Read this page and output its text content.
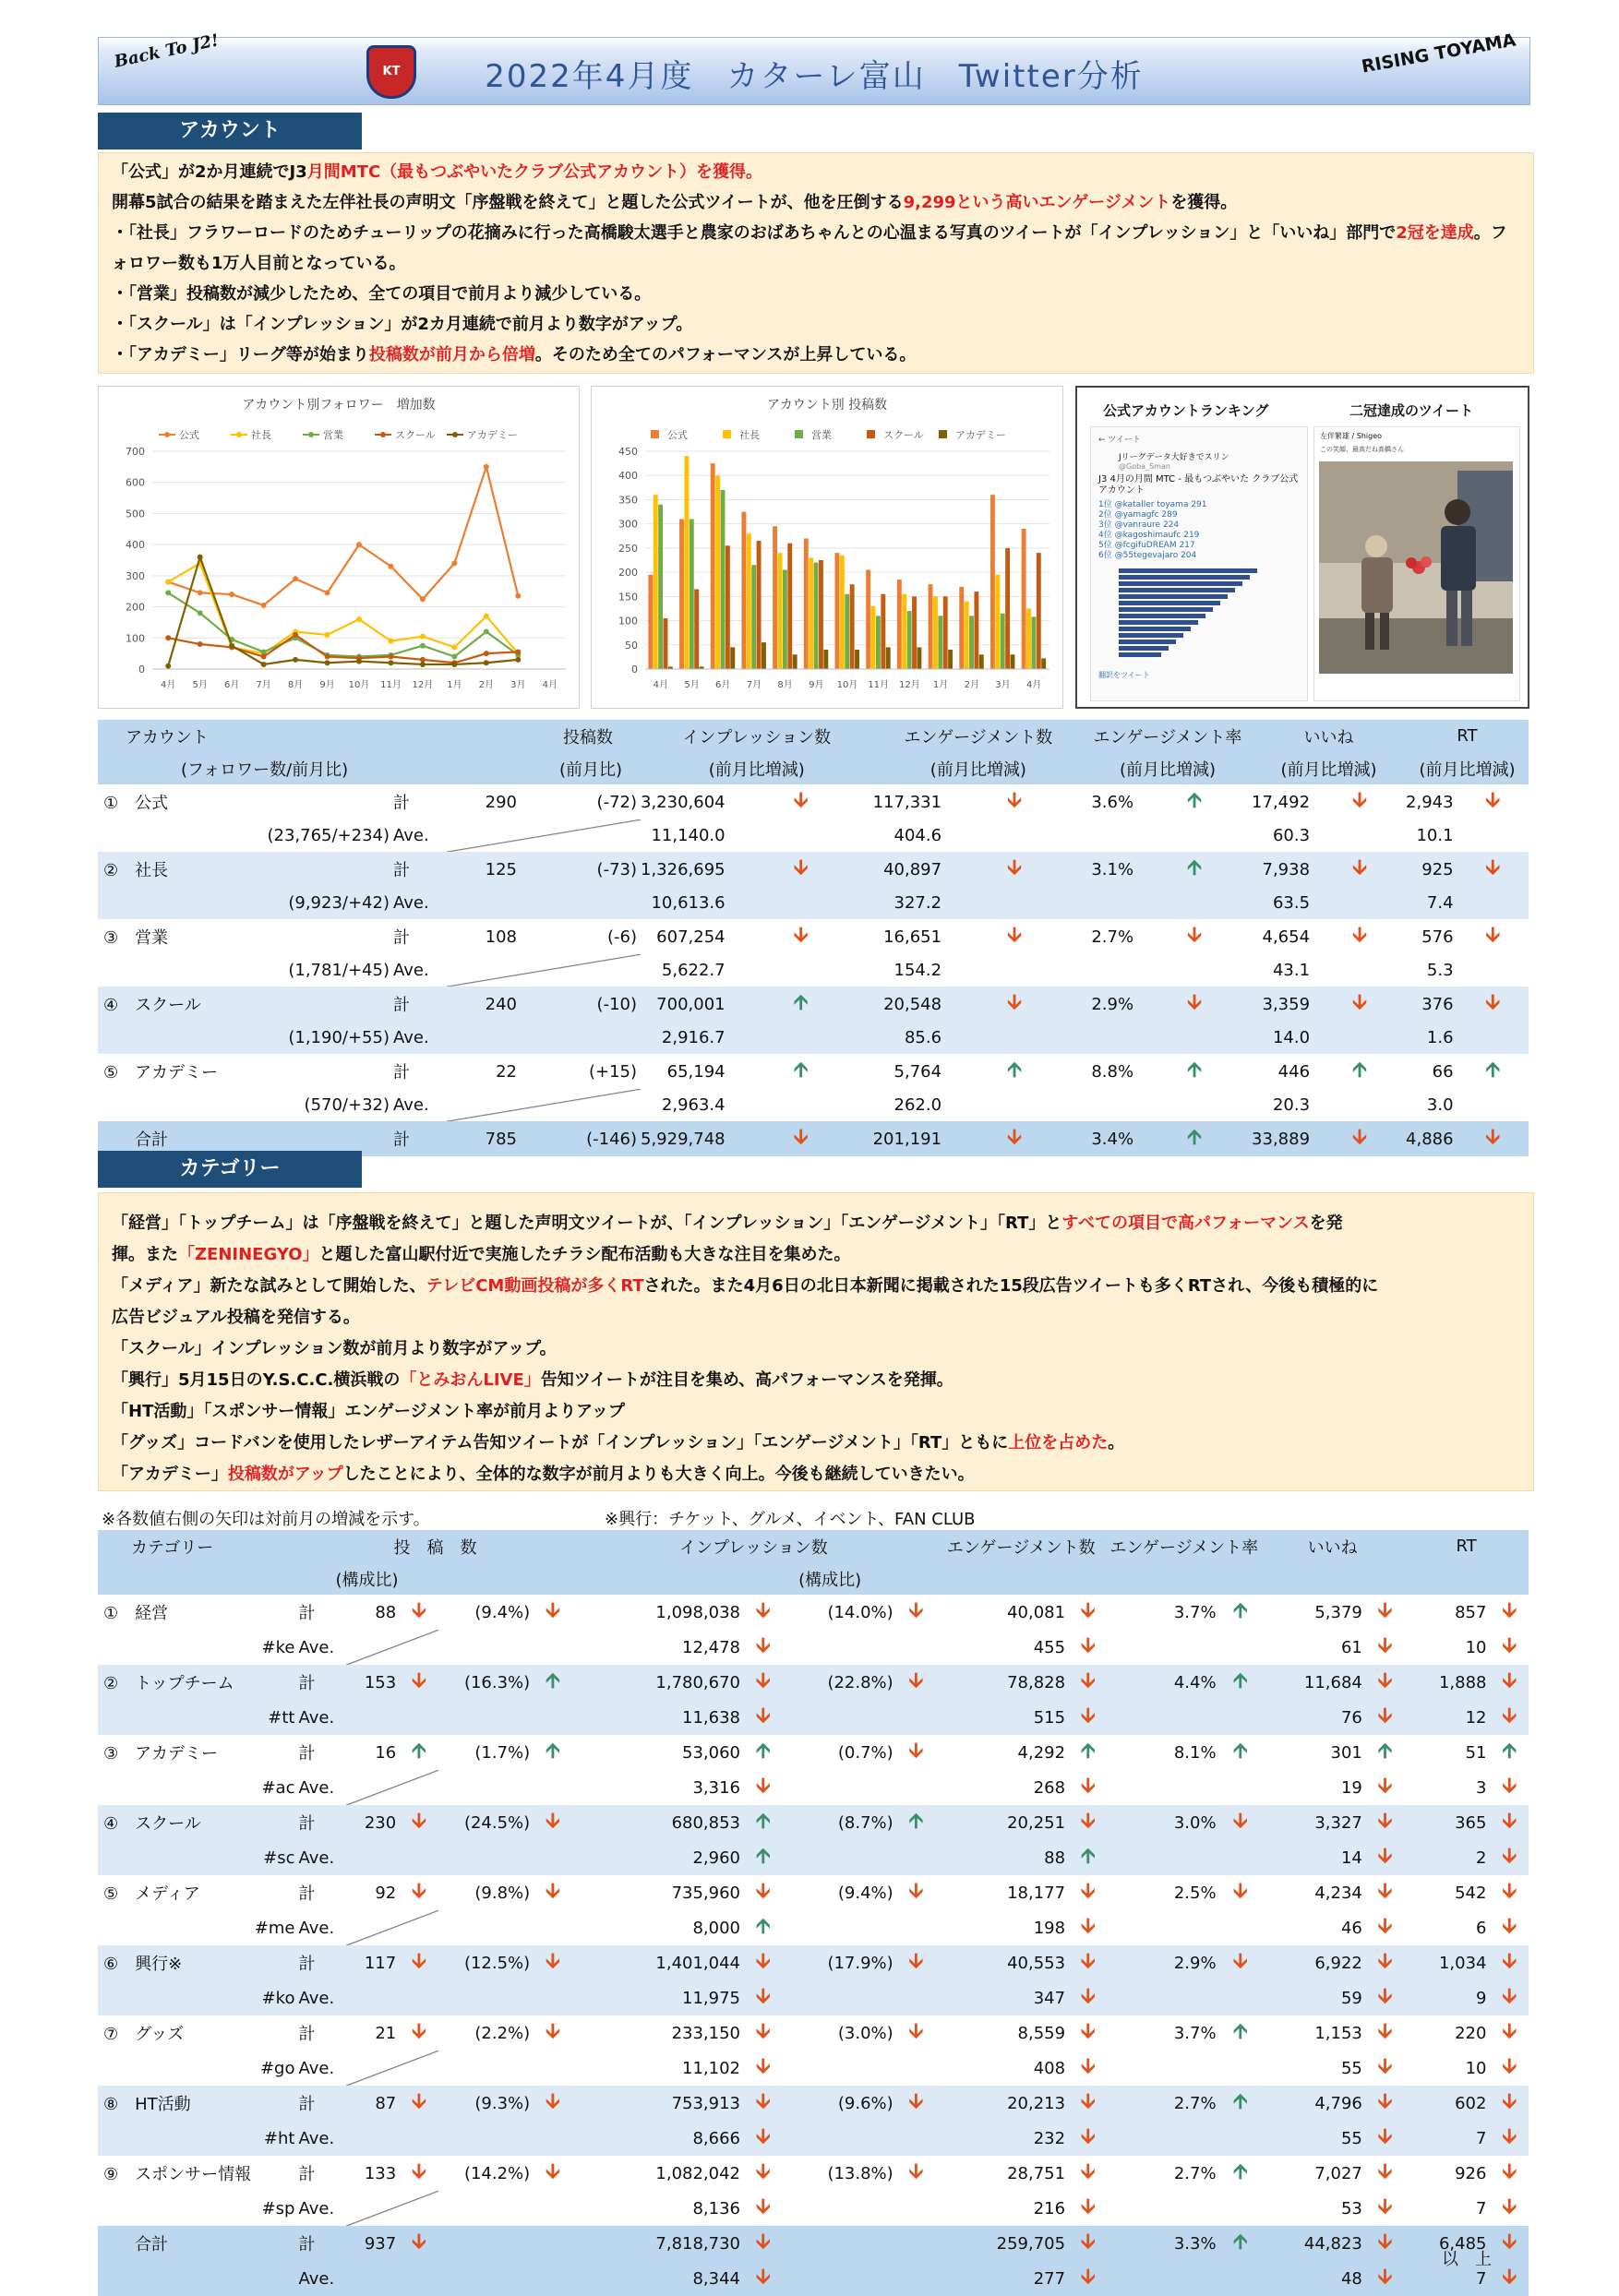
Back To J2!	KT	2022年4月度　カターレ富山　Twitter分析	RISING TOYAMA
アカウント

「公式」が2か月連続でJ3月間MTC（最もつぶやいたクラブ公式アカウント）を獲得。

開幕5試合の結果を踏まえた左伴社長の声明文「序盤戦を終えて」と題した公式ツイートが、他を圧倒する9,299という高いエンゲージメントを獲得。

・「社長」フラワーロードのためチューリップの花摘みに行った高橋駿太選手と農家のおばあちゃんとの心温まる写真のツイートが「インプレッション」と「いいね」部門で2冠を達成。フォロワー数も1万人目前となっている。

・「営業」投稿数が減少したため、全ての項目で前月より減少している。

・「スクール」は「インプレッション」が2カ月連続で前月より数字がアップ。

・「アカデミー」リーグ等が始まり投稿数が前月から倍増。そのため全てのパフォーマンスが上昇している。

アカウント別フォロワー　増加数
公式	社長	営業	スクール	アカデミー
0
100
200
300
400
500
600
700
4月 5月 6月 7月 8月 9月 10月 11月 12月 1月 2月 3月 4月
アカウント別 投稿数
公式	社長	営業	スクール	アカデミー
0
50
100
150
200
250
300
350
400
450
4月 5月 6月 7月 8月 9月 10月 11月 12月 1月 2月 3月 4月
公式アカウントランキング	二冠達成のツイート
← ツイート
Jリーグデータ大好きでスリン
@Goba_Sman
J3 4月の月間 MTC - 最もつぶやいた クラブ公式アカウント
1位 @kataller toyama 291
2位 @yamagfc 289
3位 @vanraure 224
4位 @kagoshimaufc 219
5位 @fcgifuDREAM 217
6位 @55tegevajaro 204
翻訳をツイート
左伴繁雄 / Shigeo
この笑顔、最高だね高橋さん
アカウント	投稿数			インプレッション数		エンゲージメント数		エンゲージメント率		いいね		RT	
(フォロワー数/前月比)	(前月比)			(前月比増減)		(前月比増減)		(前月比増減)		(前月比増減)		(前月比増減)	
①　公式	計	290	(-72)	3,230,604	🡫	117,331	🡫	3.6%	🡩	17,492	🡫	2,943	🡫
(23,765/+234)	Ave.			11,140.0		404.6				60.3		10.1	
②　社長	計	125	(-73)	1,326,695	🡫	40,897	🡫	3.1%	🡩	7,938	🡫	925	🡫
(9,923/+42)	Ave.			10,613.6		327.2				63.5		7.4	
③　営業	計	108	(-6)	607,254	🡫	16,651	🡫	2.7%	🡫	4,654	🡫	576	🡫
(1,781/+45)	Ave.			5,622.7		154.2				43.1		5.3	
④　スクール	計	240	(-10)	700,001	🡩	20,548	🡫	2.9%	🡫	3,359	🡫	376	🡫
(1,190/+55)	Ave.			2,916.7		85.6				14.0		1.6	
⑤　アカデミー	計	22	(+15)	65,194	🡩	5,764	🡩	8.8%	🡩	446	🡩	66	🡩
(570/+32)	Ave.			2,963.4		262.0				20.3		3.0	
合計	計	785	(-146)	5,929,748	🡫	201,191	🡫	3.4%	🡩	33,889	🡫	4,886	🡫
カテゴリー

「経営」「トップチーム」は「序盤戦を終えて」と題した声明文ツイートが、「インプレッション」「エンゲージメント」「RT」とすべての項目で高パフォーマンスを発

揮。また「ZENINEGYO」と題した富山駅付近で実施したチラシ配布活動も大きな注目を集めた。

「メディア」新たな試みとして開始した、テレビCM動画投稿が多くRTされた。また4月6日の北日本新聞に掲載された15段広告ツイートも多くRTされ、今後も積極的に

広告ビジュアル投稿を発信する。

「スクール」インプレッション数が前月より数字がアップ。

「興行」5月15日のY.S.C.C.横浜戦の「とみおんLIVE」告知ツイートが注目を集め、高パフォーマンスを発揮。

「HT活動」「スポンサー情報」エンゲージメント率が前月よりアップ

「グッズ」コードバンを使用したレザーアイテム告知ツイートが「インプレッション」「エンゲージメント」「RT」ともに上位を占めた。

「アカデミー」投稿数がアップしたことにより、全体的な数字が前月よりも大きく向上。今後も継続していきたい。

※各数値右側の矢印は対前月の増減を示す。	※興行：チケット、グルメ、イベント、FAN CLUB
カテゴリー	投　稿　数					インプレッション数				エンゲージメント数		エンゲージメント率		いいね		RT	
	(構成比)					(構成比)											
①　経営	計	88	🡫	(9.4%)	🡫	1,098,038	🡫	(14.0%)	🡫	40,081	🡫	3.7%	🡩	5,379	🡫	857	🡫
#ke	Ave.					12,478	🡫			455	🡫			61	🡫	10	🡫
②　トップチーム	計	153	🡫	(16.3%)	🡩	1,780,670	🡫	(22.8%)	🡫	78,828	🡫	4.4%	🡩	11,684	🡫	1,888	🡫
#tt	Ave.					11,638	🡫			515	🡫			76	🡫	12	🡫
③　アカデミー	計	16	🡩	(1.7%)	🡩	53,060	🡩	(0.7%)	🡫	4,292	🡩	8.1%	🡩	301	🡩	51	🡩
#ac	Ave.					3,316	🡫			268	🡫			19	🡫	3	🡫
④　スクール	計	230	🡫	(24.5%)	🡫	680,853	🡩	(8.7%)	🡩	20,251	🡫	3.0%	🡫	3,327	🡫	365	🡫
#sc	Ave.					2,960	🡩			88	🡩			14	🡫	2	🡫
⑤　メディア	計	92	🡫	(9.8%)	🡫	735,960	🡫	(9.4%)	🡫	18,177	🡫	2.5%	🡫	4,234	🡫	542	🡫
#me	Ave.					8,000	🡩			198	🡫			46	🡫	6	🡫
⑥　興行※	計	117	🡫	(12.5%)	🡫	1,401,044	🡫	(17.9%)	🡫	40,553	🡫	2.9%	🡫	6,922	🡫	1,034	🡫
#ko	Ave.					11,975	🡫			347	🡫			59	🡫	9	🡫
⑦　グッズ	計	21	🡫	(2.2%)	🡫	233,150	🡫	(3.0%)	🡫	8,559	🡫	3.7%	🡩	1,153	🡫	220	🡫
#go	Ave.					11,102	🡫			408	🡫			55	🡫	10	🡫
⑧　HT活動	計	87	🡫	(9.3%)	🡫	753,913	🡫	(9.6%)	🡫	20,213	🡫	2.7%	🡩	4,796	🡫	602	🡫
#ht	Ave.					8,666	🡫			232	🡫			55	🡫	7	🡫
⑨　スポンサー情報	計	133	🡫	(14.2%)	🡫	1,082,042	🡫	(13.8%)	🡫	28,751	🡫	2.7%	🡩	7,027	🡫	926	🡫
#sp	Ave.					8,136	🡫			216	🡫			53	🡫	7	🡫
合計	計	937	🡫			7,818,730	🡫			259,705	🡫	3.3%	🡩	44,823	🡫	6,485	🡫
	Ave.					8,344	🡫			277	🡫			48	🡫	7	🡫
以　上
